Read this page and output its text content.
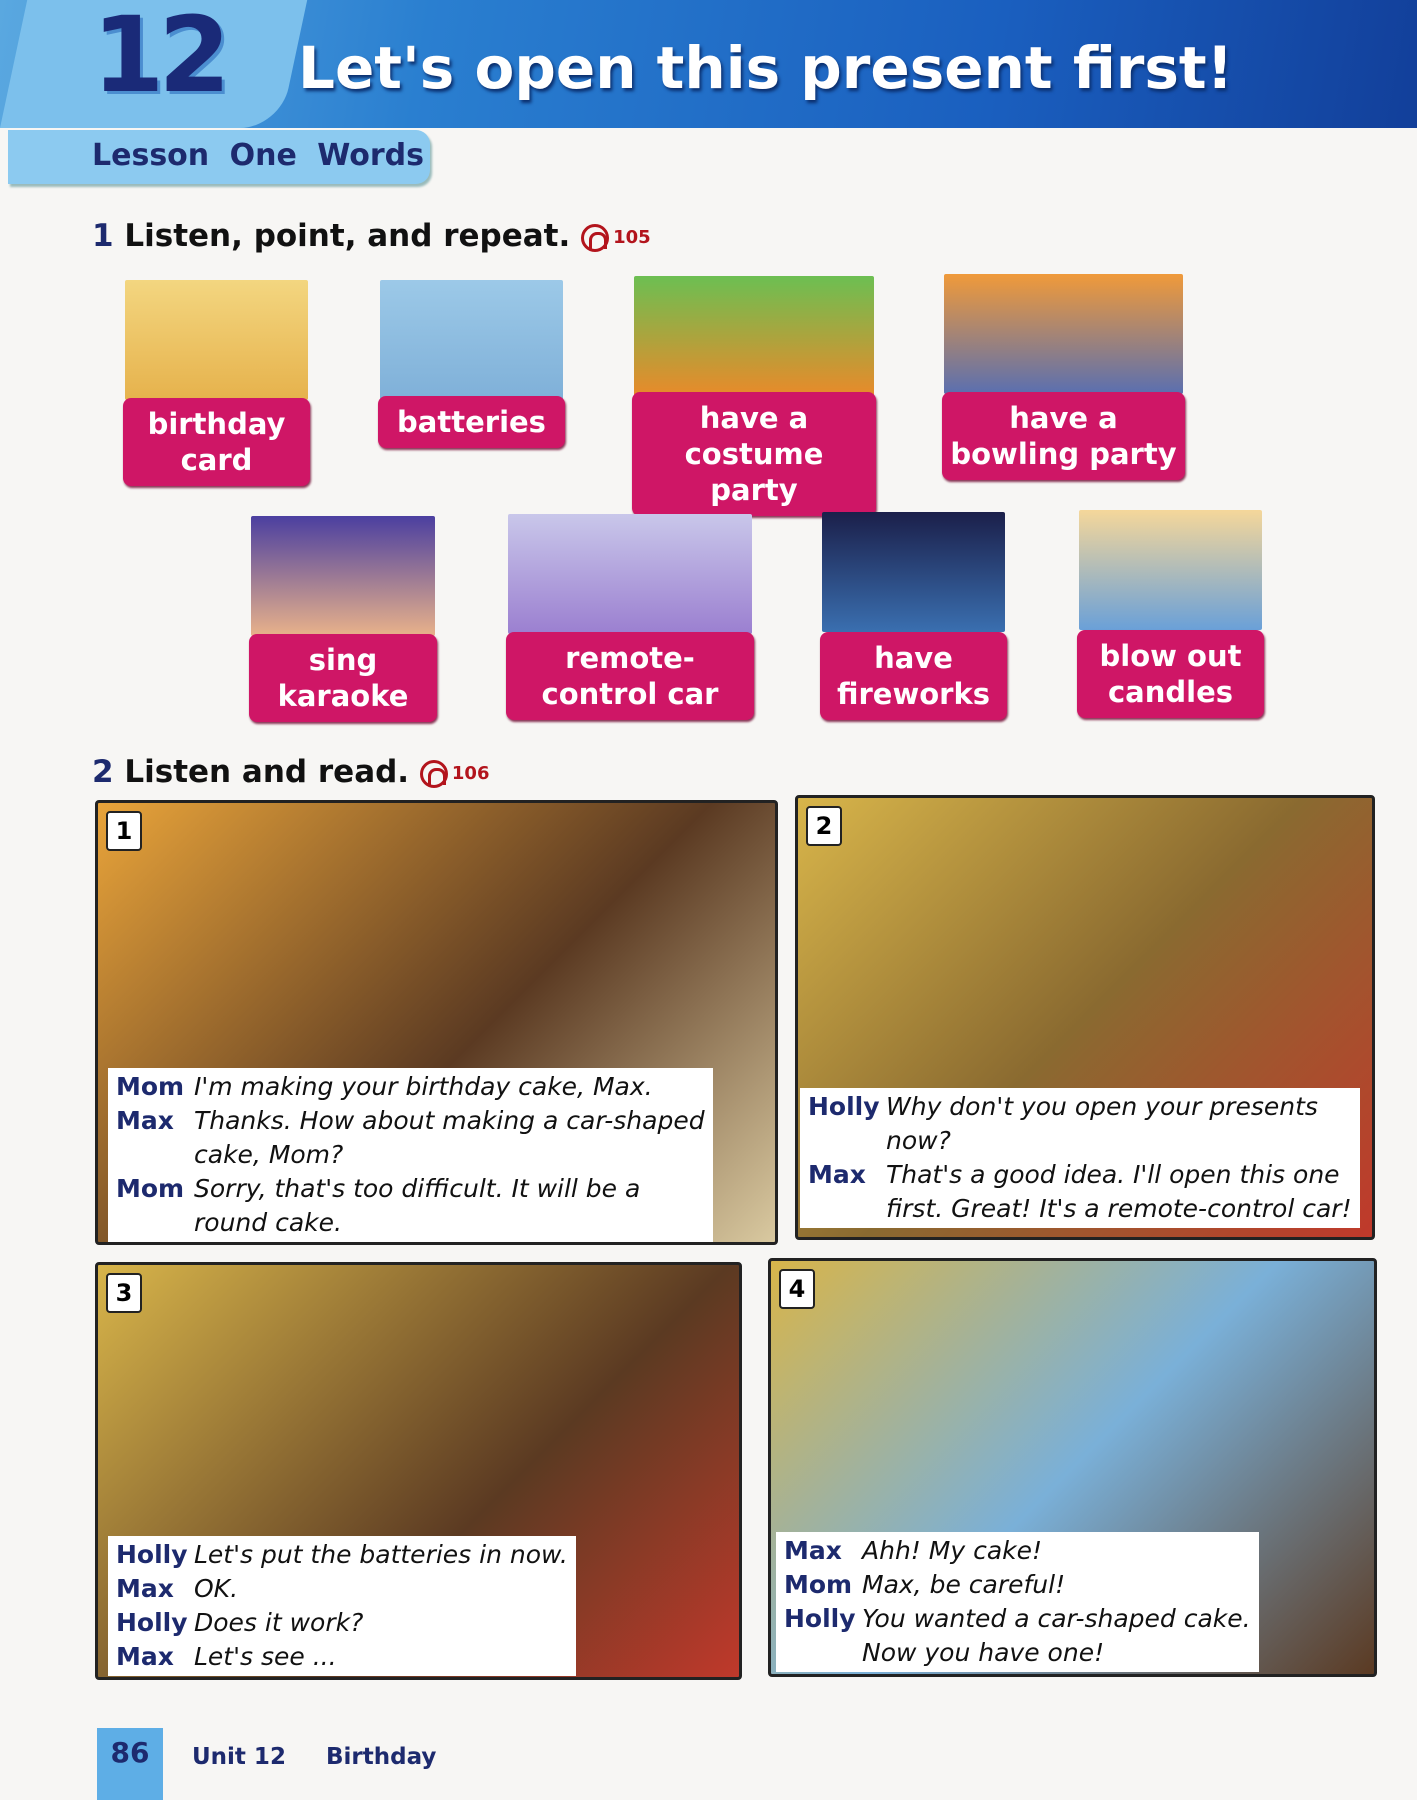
12 Let's open this present first!
Lesson One Words
1 Listen, point, and repeat. 105
birthday card
batteries	have a costume party
have a bowling party
sing karaoke
remote-control car
have fireworks
blow out candles
2 Listen and read. 106
1
Mom I'm making your birthday cake, Max.
Max Thanks. How about making a car-shaped
cake, Mom?
Mom Sorry, that's too difficult. It will be a
round cake.
2
Holly Why don't you open your presents
now?
Max That's a good idea. I'll open this one
first. Great! It's a remote-control car!
3
Holly Let's put the batteries in now.
Max OK.
Holly Does it work?
Max Let's see ...
4
Max Ahh! My cake!
Mom Max, be careful!
Holly You wanted a car-shaped cake.
Now you have one!
86	Unit 12 Birthday
